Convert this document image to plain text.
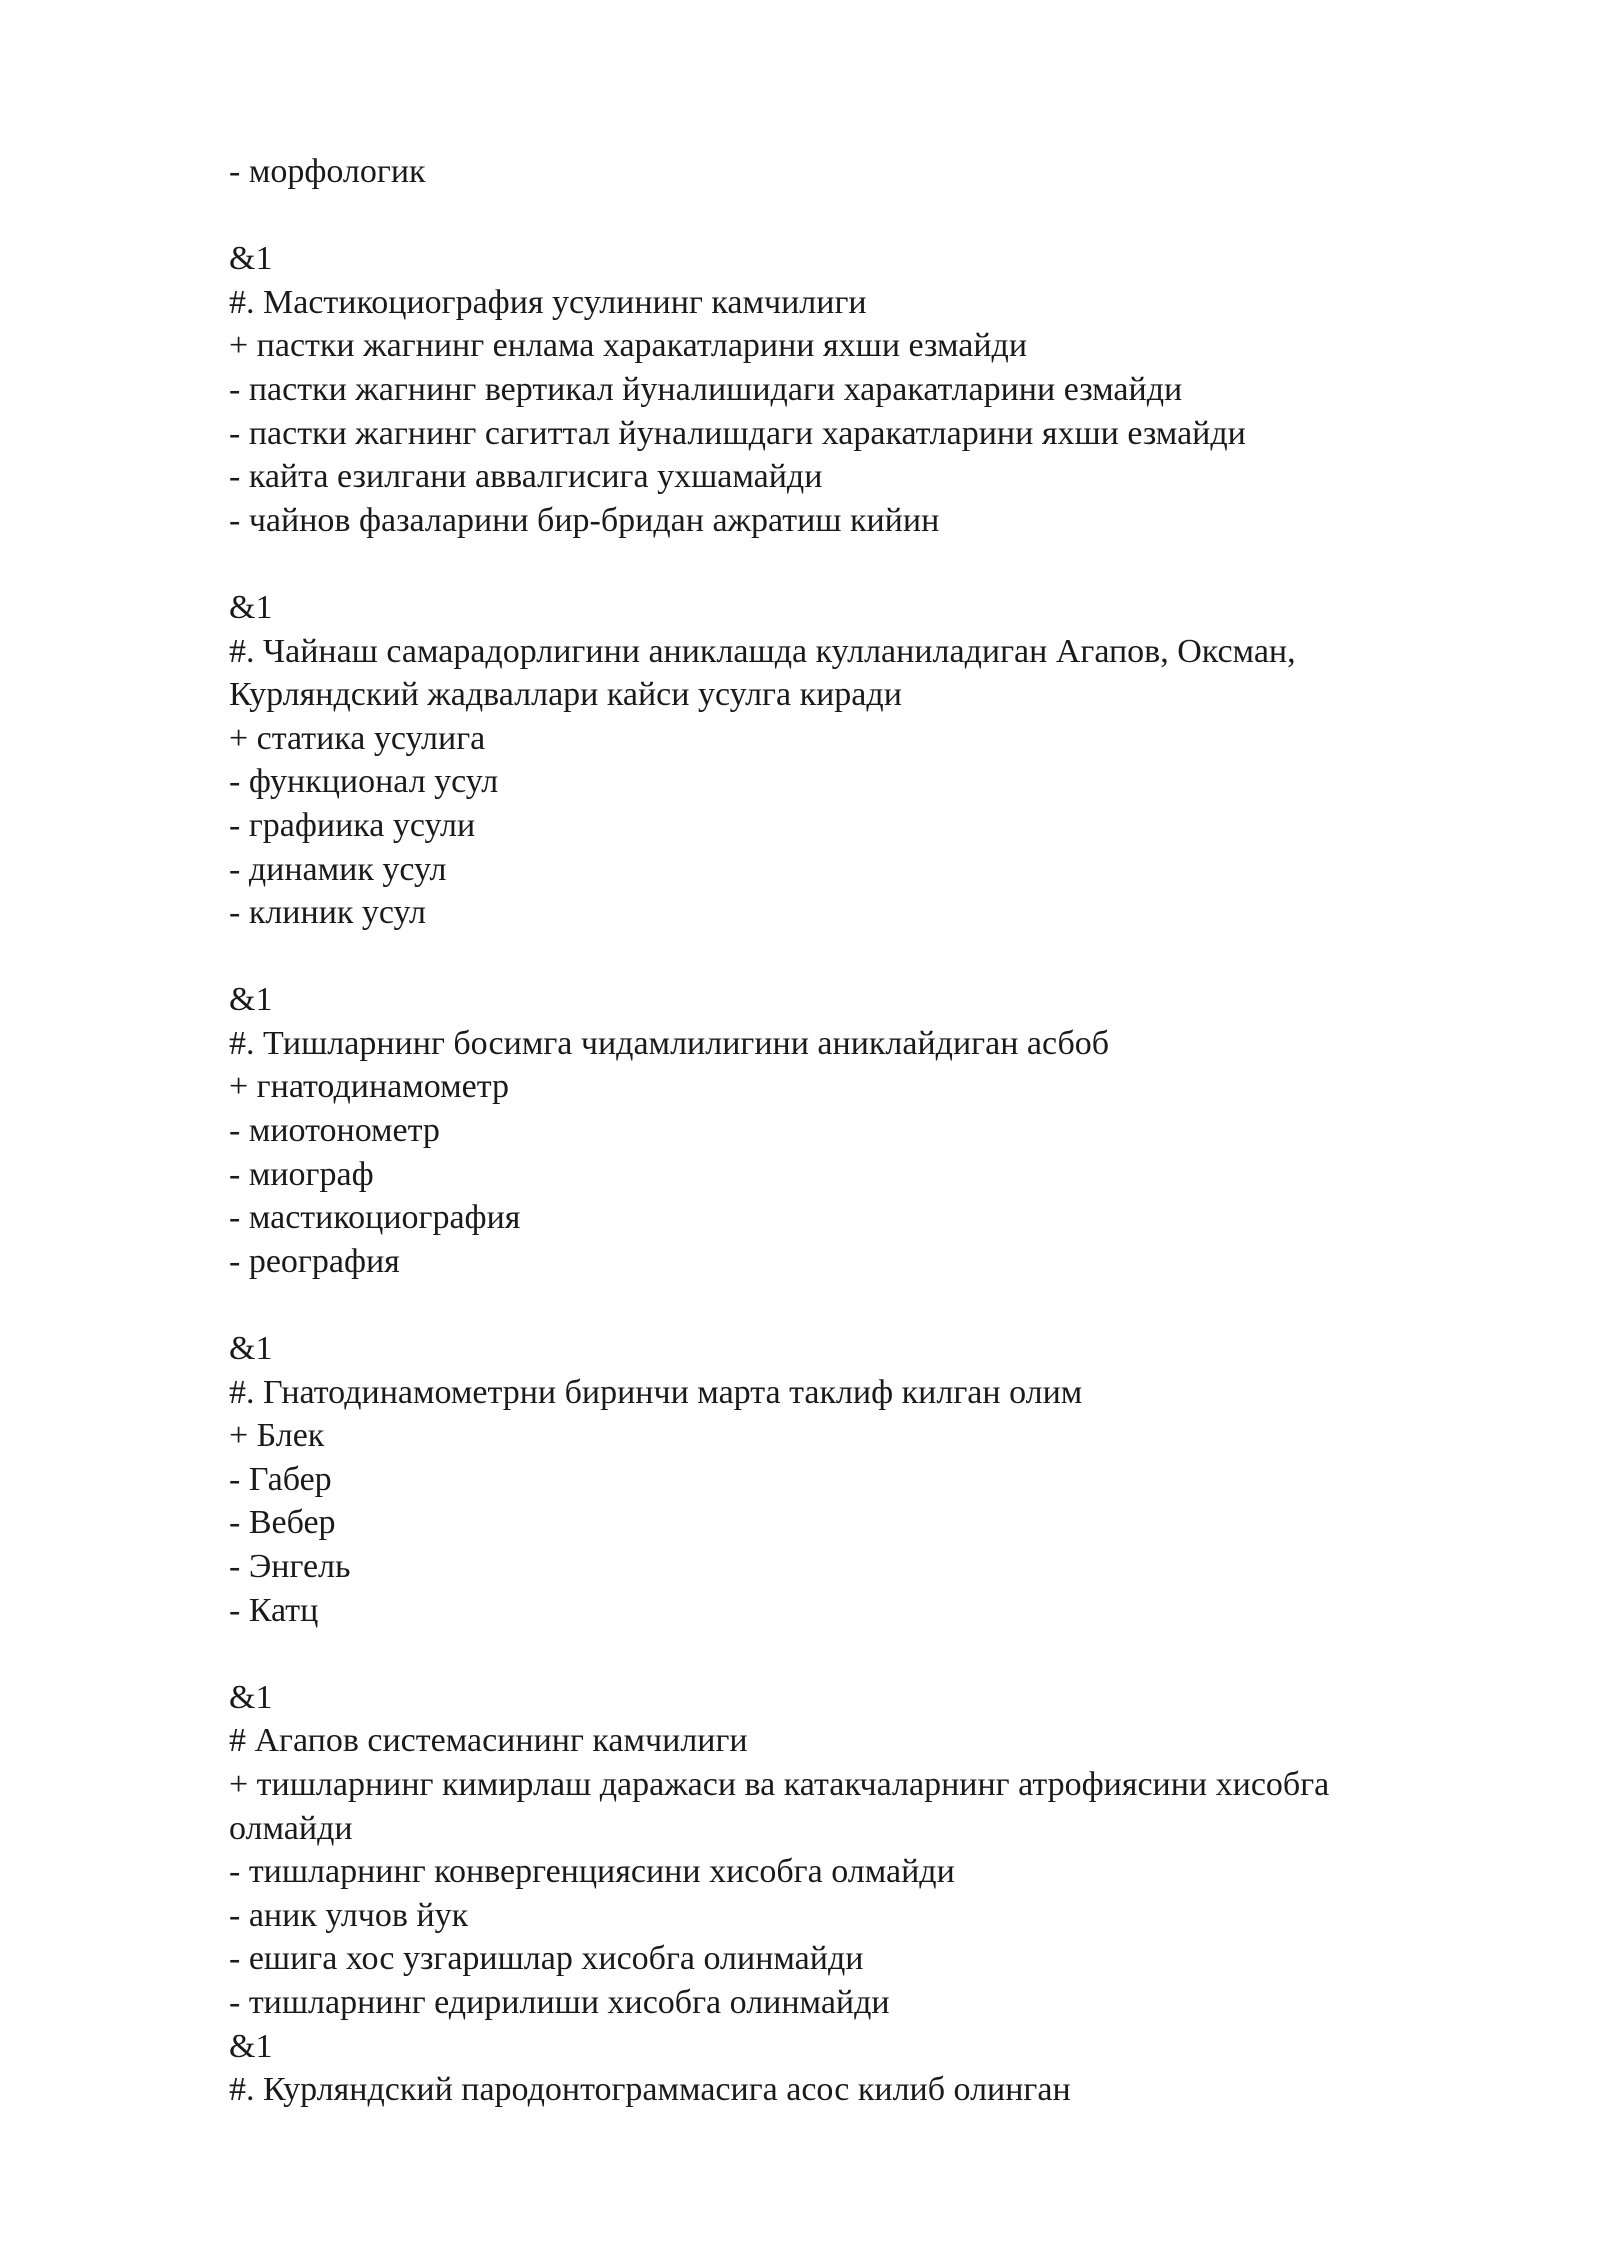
- морфологик
&1
#. Мастикоциография усулининг камчилиги
+ пастки жагнинг енлама харакатларини яхши езмайди
- пастки жагнинг вертикал йуналишидаги харакатларини езмайди
- пастки жагнинг сагиттал йуналишдаги харакатларини яхши езмайди
- кайта езилгани аввалгисига ухшамайди
- чайнов фазаларини бир-бридан ажратиш кийин
&1
#. Чайнаш самарадорлигини аниклашда кулланиладиган Агапов, Оксман,
Курляндский жадваллари кайси усулга киради
+ статика усулига
- функционал усул
- графиика усули
- динамик усул
- клиник усул
&1
#. Тишларнинг босимга чидамлилигини аниклайдиган асбоб
+ гнатодинамометр
- миотонометр
- миограф
- мастикоциография
- реография
&1
#. Гнатодинамометрни биринчи марта таклиф килган олим
+ Блек
- Габер
- Вебер
- Энгель
- Катц
&1
# Агапов системасининг камчилиги
+ тишларнинг кимирлаш даражаси ва катакчаларнинг атрофиясини хисобга
олмайди
- тишларнинг конвергенциясини хисобга олмайди
- аник улчов йук
- ешига хос узгаришлар хисобга олинмайди
- тишларнинг едирилиши хисобга олинмайди
&1
#. Курляндский пародонтограммасига асос килиб олинган
